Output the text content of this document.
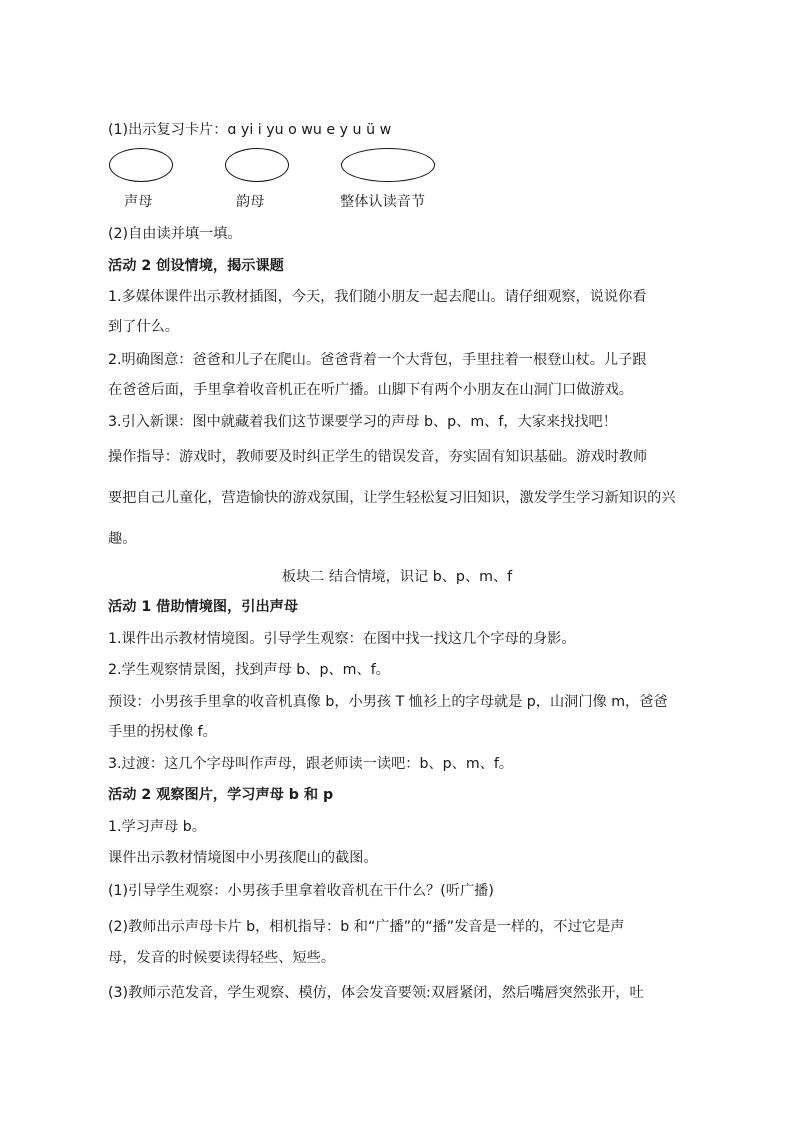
(1)出示复习卡片：ɑ yi i yu o wu e y u ü w
声母	韵母	整体认读音节
(2)自由读并填一填。
活动 2 创设情境，揭示课题
1.多媒体课件出示教材插图，今天，我们随小朋友一起去爬山。请仔细观察，说说你看
到了什么。
2.明确图意：爸爸和儿子在爬山。爸爸背着一个大背包，手里拄着一根登山杖。儿子跟
在爸爸后面，手里拿着收音机正在听广播。山脚下有两个小朋友在山洞门口做游戏。
3.引入新课：图中就藏着我们这节课要学习的声母 b、p、m、f，大家来找找吧！
操作指导：游戏时，教师要及时纠正学生的错误发音，夯实固有知识基础。游戏时教师
要把自己儿童化，营造愉快的游戏氛围，让学生轻松复习旧知识，激发学生学习新知识的兴
趣。
板块二 结合情境，识记 b、p、m、f
活动 1 借助情境图，引出声母
1.课件出示教材情境图。引导学生观察：在图中找一找这几个字母的身影。
2.学生观察情景图，找到声母 b、p、m、f。
预设：小男孩手里拿的收音机真像 b，小男孩 T 恤衫上的字母就是 p，山洞门像 m，爸爸
手里的拐杖像 f。
3.过渡：这几个字母叫作声母，跟老师读一读吧：b、p、m、f。
活动 2 观察图片，学习声母 b 和 p
1.学习声母 b。
课件出示教材情境图中小男孩爬山的截图。
(1)引导学生观察：小男孩手里拿着收音机在干什么？(听广播)
(2)教师出示声母卡片 b，相机指导：b 和“广播”的“播”发音是一样的，不过它是声
母，发音的时候要读得轻些、短些。
(3)教师示范发音，学生观察、模仿，体会发音要领:双唇紧闭，然后嘴唇突然张开，吐
